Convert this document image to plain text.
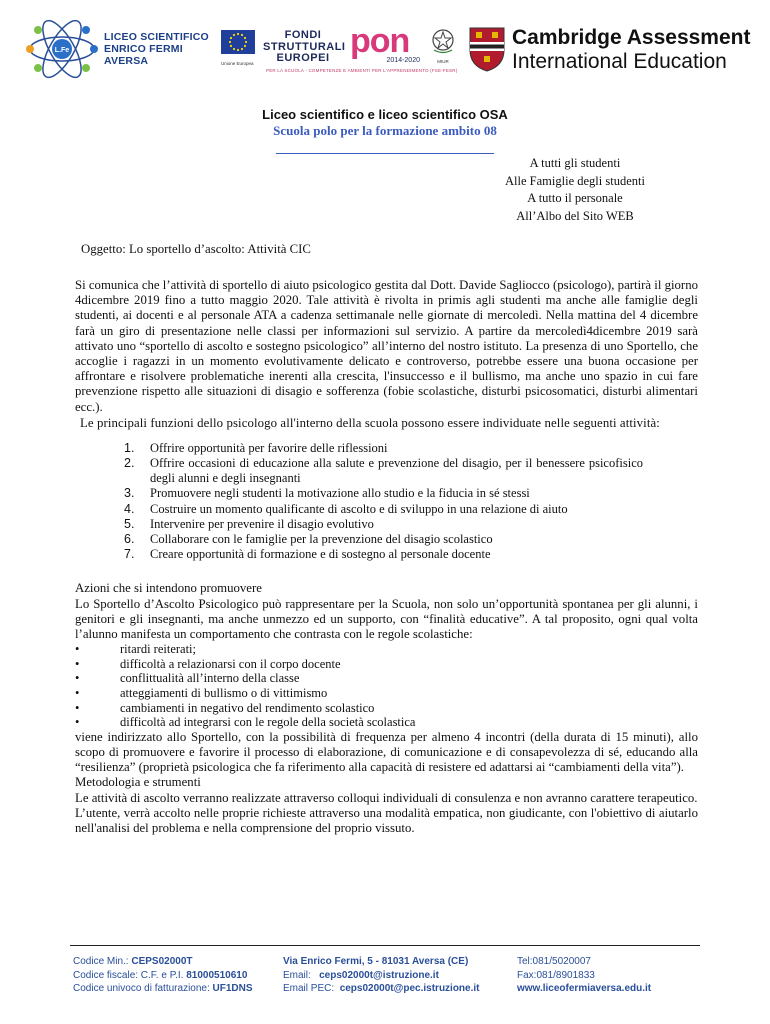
L.Fe
LICEO SCIENTIFICO
ENRICO FERMI
AVERSA	Unione Europea
FONDI
STRUTTURALI
EUROPEI pon
2014-2020
PER LA SCUOLA - COMPETENZE E AMBIENTI PER L'APPRENDIMENTO (FSE-FESR)
MIUR
Cambridge Assessment
International Education
Liceo scientifico e liceo scientifico OSA
Scuola polo per la formazione ambito 08
A tutti gli studenti
Alle Famiglie degli studenti
A tutto il personale
All’Albo del Sito WEB
Oggetto: Lo sportello d’ascolto: Attività CIC

Si comunica che l’attività di sportello di aiuto psicologico gestita dal Dott. Davide Sagliocco (psicologo), partirà il giorno 4dicembre 2019 fino a tutto maggio 2020. Tale attività è rivolta in primis agli studenti ma anche alle famiglie degli studenti, ai docenti e al personale ATA a cadenza settimanale nelle giornate di mercoledì. Nella mattina del 4 dicembre farà un giro di presentazione nelle classi per informazioni sul servizio. A partire da mercoledì4dicembre 2019 sarà attivato uno “sportello di ascolto e sostegno psicologico” all’interno del nostro istituto. La presenza di uno Sportello, che accoglie i ragazzi in un momento evolutivamente delicato e controverso, potrebbe essere una buona occasione per affrontare e risolvere problematiche inerenti alla crescita, l'insuccesso e il bullismo, ma anche uno spazio in cui fare prevenzione rispetto alle situazioni di disagio e sofferenza (fobie scolastiche, disturbi psicosomatici, disturbi alimentari ecc.).

Le principali funzioni dello psicologo all'interno della scuola possono essere individuate nelle seguenti attività:

1. Offrire opportunità per favorire delle riflessioni
2. Offrire occasioni di educazione alla salute e prevenzione del disagio, per il benessere psicofisico degli alunni e degli insegnanti
3. Promuovere negli studenti la motivazione allo studio e la fiducia in sé stessi
4. Costruire un momento qualificante di ascolto e di sviluppo in una relazione di aiuto
5. Intervenire per prevenire il disagio evolutivo
6. Collaborare con le famiglie per la prevenzione del disagio scolastico
7. Creare opportunità di formazione e di sostegno al personale docente

Azioni che si intendono promuovere

Lo Sportello d’Ascolto Psicologico può rappresentare per la Scuola, non solo un’opportunità spontanea per gli alunni, i genitori e gli insegnanti, ma anche unmezzo ed un supporto, con “finalità educative”. A tal proposito, ogni qual volta l’alunno manifesta un comportamento che contrasta con le regole scolastiche:

•	ritardi reiterati;
•	difficoltà a relazionarsi con il corpo docente
•	conflittualità all’interno della classe
•	atteggiamenti di bullismo o di vittimismo
•	cambiamenti in negativo del rendimento scolastico
•	difficoltà ad integrarsi con le regole della società scolastica

viene indirizzato allo Sportello, con la possibilità di frequenza per almeno 4 incontri (della durata di 15 minuti), allo scopo di promuovere e favorire il processo di elaborazione, di comunicazione e di consapevolezza di sé, educando alla “resilienza” (proprietà psicologica che fa riferimento alla capacità di resistere ed adattarsi ai “cambiamenti della vita”).

Metodologia e strumenti

Le attività di ascolto verranno realizzate attraverso colloqui individuali di consulenza e non avranno carattere terapeutico.

L’utente, verrà accolto nelle proprie richieste attraverso una modalità empatica, non giudicante, con l'obiettivo di aiutarlo nell'analisi del problema e nella comprensione del proprio vissuto.

Codice Min.: CEPS02000T
Codice fiscale: C.F. e P.I. 81000510610
Codice univoco di fatturazione: UF1DNS
Via Enrico Fermi, 5 - 81031 Aversa (CE)
Email:   ceps02000t@istruzione.it
Email PEC:  ceps02000t@pec.istruzione.it
Tel:081/5020007
Fax:081/8901833
www.liceofermiaversa.edu.it
